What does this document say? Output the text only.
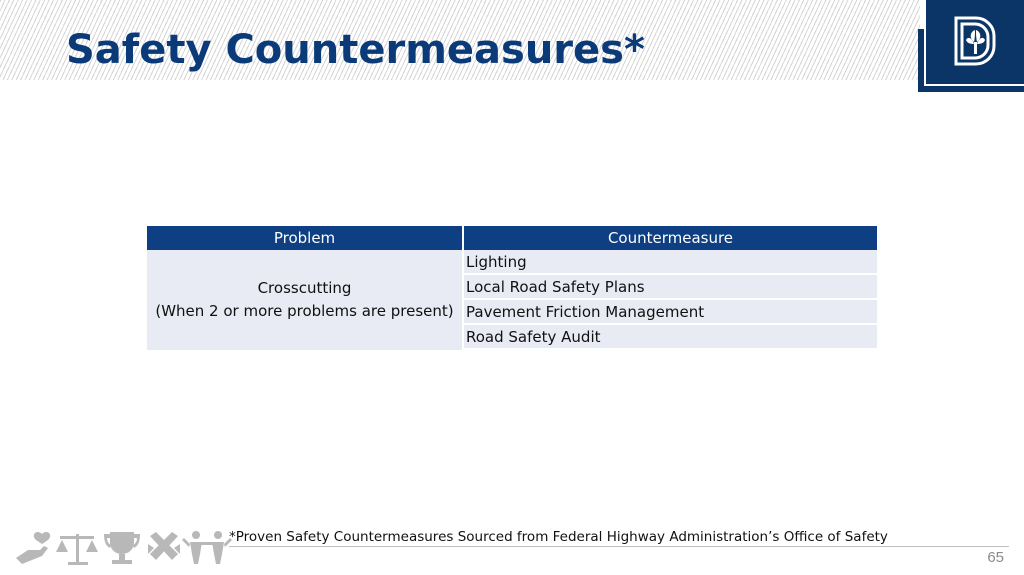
Safety Countermeasures*
Problem	Countermeasure

Crosscutting
(When 2 or more problems are present)	Lighting
	Local Road Safety Plans
	Pavement Friction Management
	Road Safety Audit
*Proven Safety Countermeasures Sourced from Federal Highway Administration’s Office of Safety
65
